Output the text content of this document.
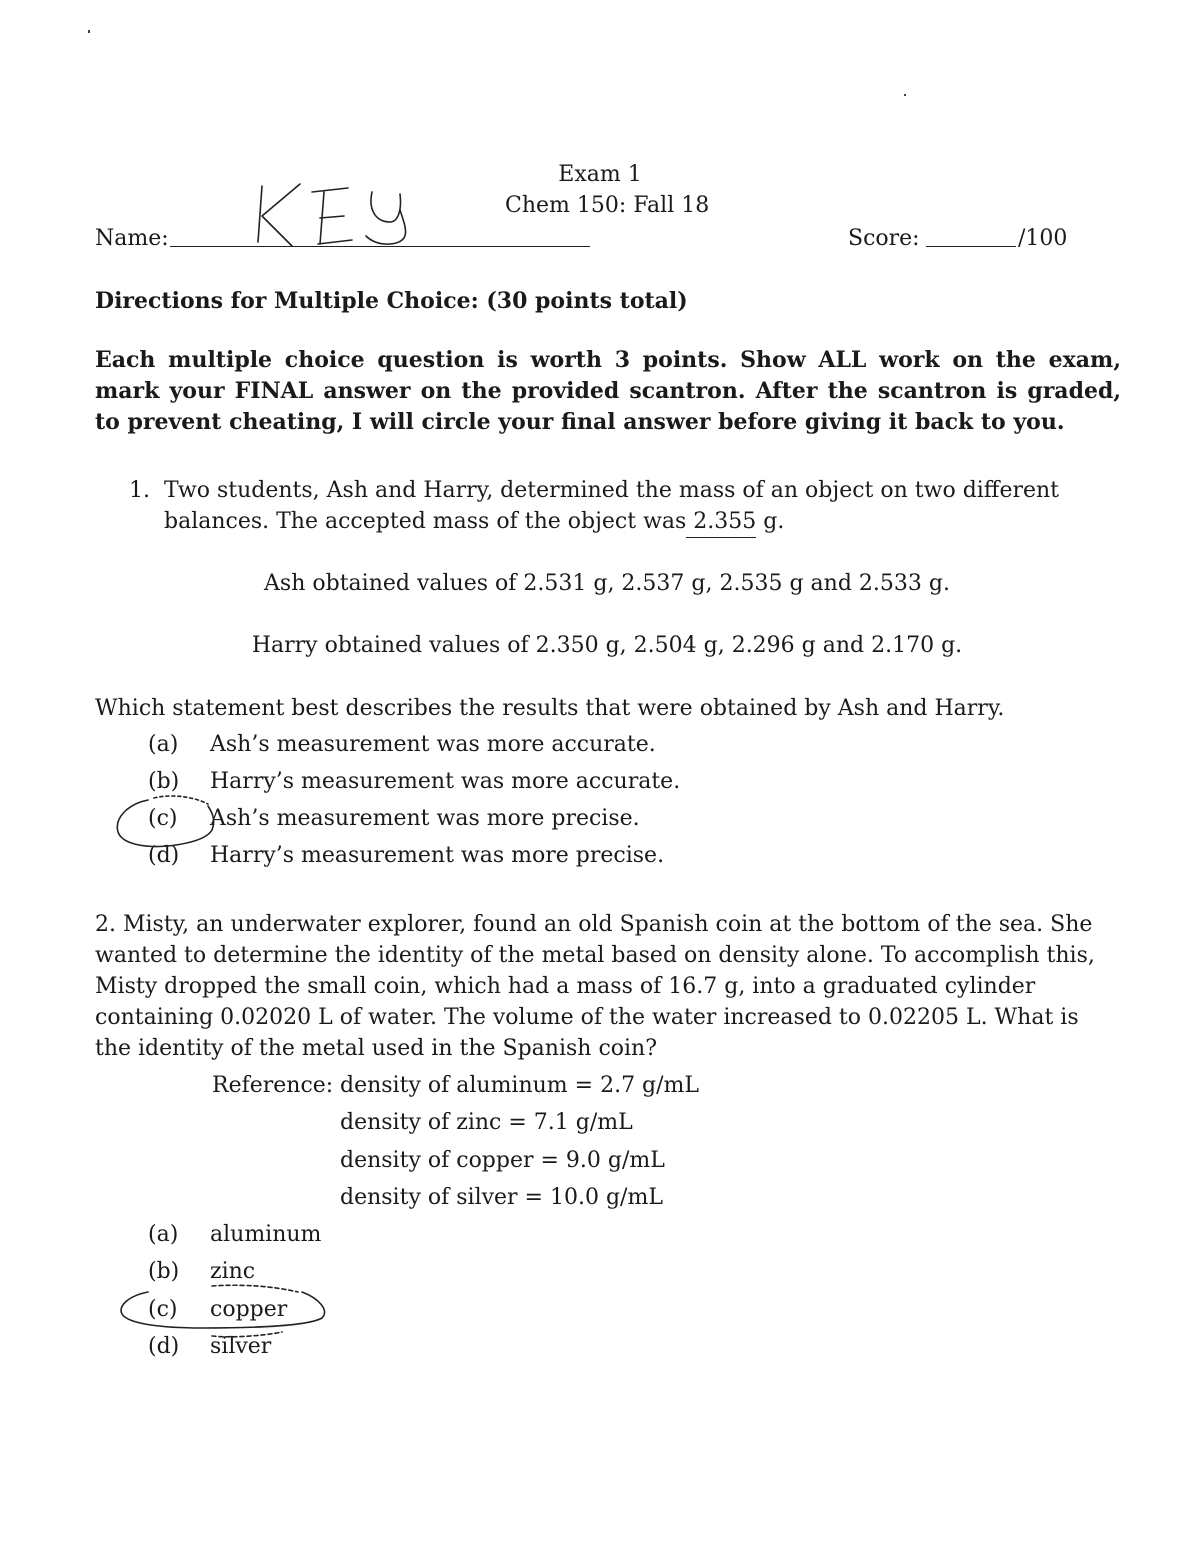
Exam 1
Chem 150: Fall 18
Name:	Score:	/100
Directions for Multiple Choice: (30 points total)
Each multiple choice question is worth 3 points. Show ALL work on the exam, mark your FINAL answer on the provided scantron. After the scantron is graded, to prevent cheating, I will circle your final answer before giving it back to you.
1. Two students, Ash and Harry, determined the mass of an object on two different
balances. The accepted mass of the object was 2.355 g.
Ash obtained values of 2.531 g, 2.537 g, 2.535 g and 2.533 g.
Harry obtained values of 2.350 g, 2.504 g, 2.296 g and 2.170 g.
Which statement best describes the results that were obtained by Ash and Harry.
(a) Ash’s measurement was more accurate.
(b) Harry’s measurement was more accurate.
(c) Ash’s measurement was more precise.
(d) Harry’s measurement was more precise.
2. Misty, an underwater explorer, found an old Spanish coin at the bottom of the sea. She
wanted to determine the identity of the metal based on density alone. To accomplish this,
Misty dropped the small coin, which had a mass of 16.7 g, into a graduated cylinder
containing 0.02020 L of water. The volume of the water increased to 0.02205 L. What is
the identity of the metal used in the Spanish coin?
Reference: density of aluminum = 2.7 g/mL
density of zinc = 7.1 g/mL
density of copper = 9.0 g/mL
density of silver = 10.0 g/mL
(a) aluminum
(b) zinc
(c) copper
(d) silver
